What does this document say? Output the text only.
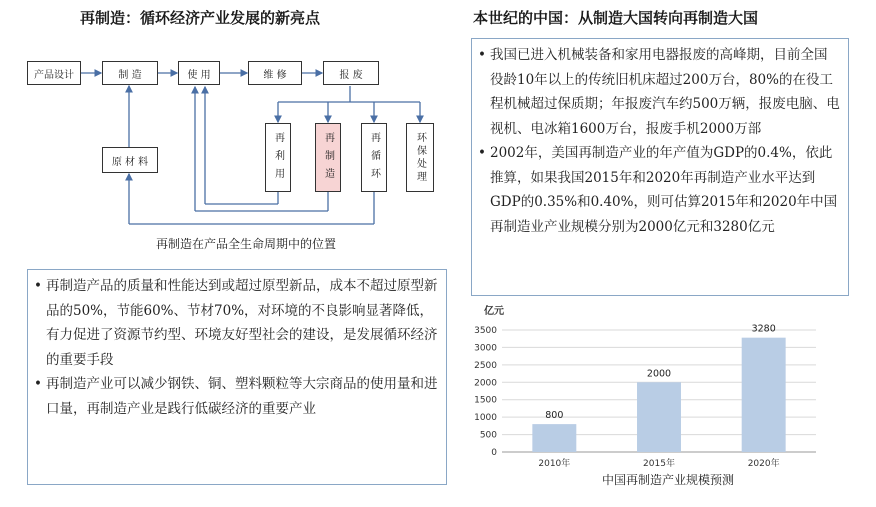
再制造：循环经济产业发展的新亮点
产品设计	制 造	使 用	维 修	报 废
原 材 料	再利用	再制造	再循环	环保处理
再制造在产品全生命周期中的位置
• 再制造产品的质量和性能达到或超过原型新品，成本不超过原型新品的50%，节能60%、节材70%，对环境的不良影响显著降低，有力促进了资源节约型、环境友好型社会的建设，是发展循环经济的重要手段
• 再制造产业可以减少钢铁、铜、塑料颗粒等大宗商品的使用量和进口量，再制造产业是践行低碳经济的重要产业
本世纪的中国：从制造大国转向再制造大国
• 我国已进入机械装备和家用电器报废的高峰期，目前全国役龄10年以上的传统旧机床超过200万台，80%的在役工程机械超过保质期；年报废汽车约500万辆，报废电脑、电视机、电冰箱1600万台，报废手机2000万部
• 2002年，美国再制造产业的年产值为GDP的0.4%，依此推算，如果我国2015年和2020年再制造产业水平达到GDP的0.35%和0.40%，则可估算2015年和2020年中国再制造业产业规模分别为2000亿元和3280亿元
亿元
0
500
1000
1500
2000
2500
3000
3500
800
2000
3280
2010年	2015年	2020年
中国再制造产业规模预测
